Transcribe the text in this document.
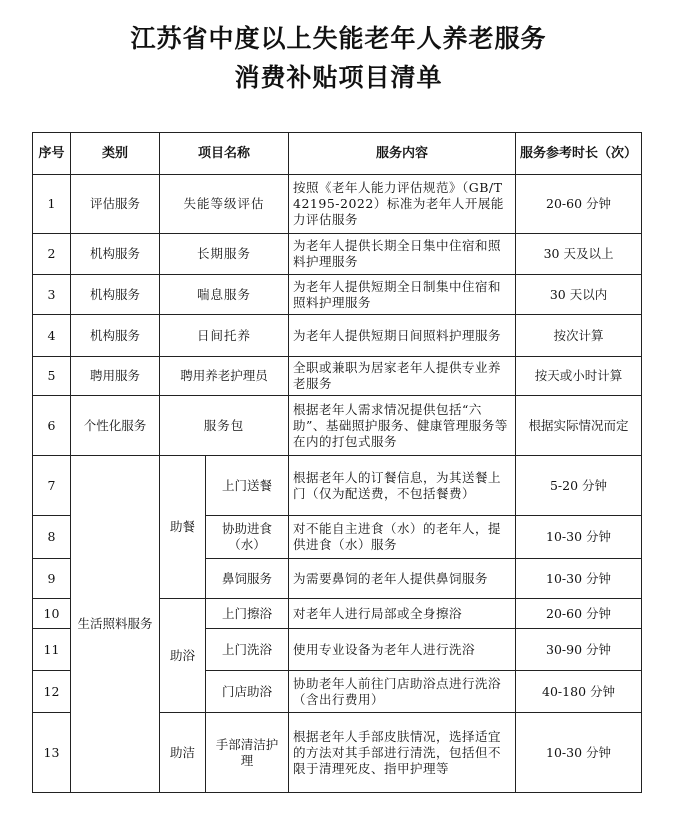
江苏省中度以上失能老年人养老服务
消费补贴项目清单
序号	类别	项目名称		服务内容	服务参考时长（次）
1	评估服务	失能等级评估		按照《老年人能力评估规范》（GB/T 42195-2022）标准为老年人开展能力评估服务	20-60 分钟
2	机构服务	长期服务		为老年人提供长期全日集中住宿和照料护理服务	30 天及以上
3	机构服务	喘息服务		为老年人提供短期全日制集中住宿和照料护理服务	30 天以内
4	机构服务	日间托养		为老年人提供短期日间照料护理服务	按次计算
5	聘用服务	聘用养老护理员		全职或兼职为居家老年人提供专业养老服务	按天或小时计算
6	个性化服务	服务包		根据老年人需求情况提供包括“六助”、基础照护服务、健康管理服务等在内的打包式服务	根据实际情况而定
7	生活照料服务	助餐	上门送餐	根据老年人的订餐信息，为其送餐上门（仅为配送费，不包括餐费）	5-20 分钟
8			协助进食（水）	对不能自主进食（水）的老年人，提供进食（水）服务	10-30 分钟
9			鼻饲服务	为需要鼻饲的老年人提供鼻饲服务	10-30 分钟
10		助浴	上门擦浴	对老年人进行局部或全身擦浴	20-60 分钟
11			上门洗浴	使用专业设备为老年人进行洗浴	30-90 分钟
12			门店助浴	协助老年人前往门店助浴点进行洗浴（含出行费用）	40-180 分钟
13		助洁	手部清洁护理	根据老年人手部皮肤情况，选择适宜的方法对其手部进行清洗，包括但不限于清理死皮、指甲护理等	10-30 分钟
